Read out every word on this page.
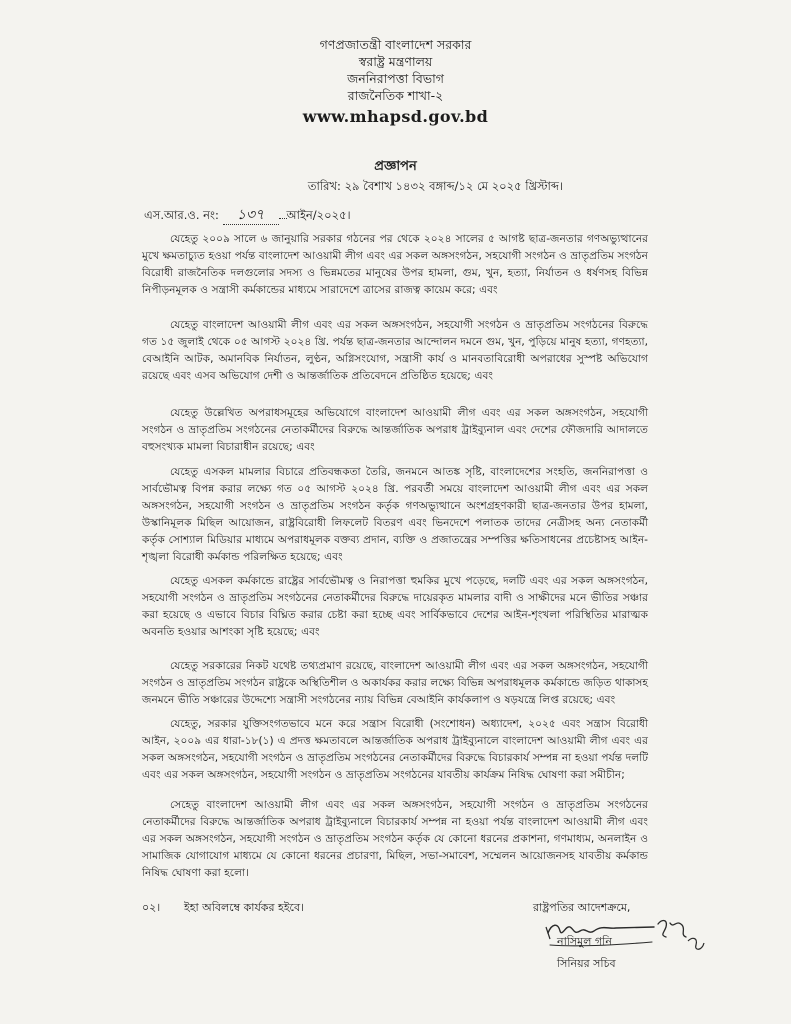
গণপ্রজাতন্ত্রী বাংলাদেশ সরকার
স্বরাষ্ট্র মন্ত্রণালয়
জননিরাপত্তা বিভাগ
রাজনৈতিক শাখা-২
www.mhapsd.gov.bd
প্রজ্ঞাপন
তারিখ: ২৯ বৈশাখ ১৪৩২ বঙ্গাব্দ/১২ মে ২০২৫ খ্রিস্টাব্দ।
এস.আর.ও. নং: ১৩৭ আইন/২০২৫।

যেহেতু ২০০৯ সালে ৬ জানুয়ারি সরকার গঠনের পর থেকে ২০২৪ সালের ৫ আগষ্ট ছাত্র-জনতার গণঅভ্যুত্থানের মুখে ক্ষমতাচ্যুত হওয়া পর্যন্ত বাংলাদেশ আওয়ামী লীগ এবং এর সকল অঙ্গসংগঠন, সহযোগী সংগঠন ও ভ্রাতৃপ্রতিম সংগঠন বিরোধী রাজনৈতিক দলগুলোর সদস্য ও ভিন্নমতের মানুষের উপর হামলা, গুম, খুন, হত্যা, নির্যাতন ও ধর্ষণসহ বিভিন্ন নিপীড়নমূলক ও সন্ত্রাসী কর্মকান্ডের মাধ্যমে সারাদেশে ত্রাসের রাজত্ব কায়েম করে; এবং

যেহেতু বাংলাদেশ আওয়ামী লীগ এবং এর সকল অঙ্গসংগঠন, সহযোগী সংগঠন ও ভ্রাতৃপ্রতিম সংগঠনের বিরুদ্ধে গত ১৫ জুলাই থেকে ০৫ আগস্ট ২০২৪ খ্রি. পর্যন্ত ছাত্র-জনতার আন্দোলন দমনে গুম, খুন, পুড়িয়ে মানুষ হত্যা, গণহত্যা, বেআইনি আটক, অমানবিক নির্যাতন, লুণ্ঠন, অগ্নিসংযোগ, সন্ত্রাসী কার্য ও মানবতাবিরোধী অপরাধের সুস্পষ্ট অভিযোগ রয়েছে এবং এসব অভিযোগ দেশী ও আন্তর্জাতিক প্রতিবেদনে প্রতিষ্ঠিত হয়েছে; এবং

যেহেতু উল্লেখিত অপরাধসমূহের অভিযোগে বাংলাদেশ আওয়ামী লীগ এবং এর সকল অঙ্গসংগঠন, সহযোগী সংগঠন ও ভ্রাতৃপ্রতিম সংগঠনের নেতাকর্মীদের বিরুদ্ধে আন্তর্জাতিক অপরাধ ট্রাইব্যুনাল এবং দেশের ফৌজদারি আদালতে বহুসংখ্যক মামলা বিচারাধীন রয়েছে; এবং

যেহেতু এসকল মামলার বিচারে প্রতিবন্ধকতা তৈরি, জনমনে আতঙ্ক সৃষ্টি, বাংলাদেশের সংহতি, জননিরাপত্তা ও সার্বভৌমত্ব বিপন্ন করার লক্ষ্যে গত ০৫ আগস্ট ২০২৪ খ্রি. পরবর্তী সময়ে বাংলাদেশ আওয়ামী লীগ এবং এর সকল অঙ্গসংগঠন, সহযোগী সংগঠন ও ভ্রাতৃপ্রতিম সংগঠন কর্তৃক গণঅভ্যুত্থানে অংশগ্রহণকারী ছাত্র-জনতার উপর হামলা, উস্কানিমূলক মিছিল আয়োজন, রাষ্ট্রবিরোধী লিফলেট বিতরণ এবং ভিনদেশে পলাতক তাদের নেত্রীসহ অন্য নেতাকর্মী কর্তৃক সোশ্যাল মিডিয়ার মাধ্যমে অপরাধমূলক বক্তব্য প্রদান, ব্যক্তি ও প্রজাতন্ত্রের সম্পত্তির ক্ষতিসাধনের প্রচেষ্টাসহ আইন-শৃঙ্খলা বিরোধী কর্মকান্ড পরিলক্ষিত হয়েছে; এবং

যেহেতু এসকল কর্মকান্ডে রাষ্ট্রের সার্বভৌমত্ব ও নিরাপত্তা হুমকির মুখে পড়েছে, দলটি এবং এর সকল অঙ্গসংগঠন, সহযোগী সংগঠন ও ভ্রাতৃপ্রতিম সংগঠনের নেতাকর্মীদের বিরুদ্ধে দায়েরকৃত মামলার বাদী ও সাক্ষীদের মনে ভীতির সঞ্চার করা হয়েছে ও এভাবে বিচার বিঘ্নিত করার চেষ্টা করা হচ্ছে এবং সার্বিকভাবে দেশের আইন-শৃংখলা পরিস্থিতির মারাত্মক অবনতি হওয়ার আশংকা সৃষ্টি হয়েছে; এবং

যেহেতু সরকারের নিকট যথেষ্ট তথ্যপ্রমাণ রয়েছে, বাংলাদেশ আওয়ামী লীগ এবং এর সকল অঙ্গসংগঠন, সহযোগী সংগঠন ও ভ্রাতৃপ্রতিম সংগঠন রাষ্ট্রকে অস্থিতিশীল ও অকার্যকর করার লক্ষ্যে বিভিন্ন অপরাধমূলক কর্মকান্ডে জড়িত থাকাসহ জনমনে ভীতি সঞ্চারের উদ্দেশ্যে সন্ত্রাসী সংগঠনের ন্যায় বিভিন্ন বেআইনি কার্যকলাপ ও ষড়যন্ত্রে লিপ্ত রয়েছে; এবং

যেহেতু, সরকার যুক্তিসংগতভাবে মনে করে সন্ত্রাস বিরোধী (সংশোধন) অধ্যাদেশ, ২০২৫ এবং সন্ত্রাস বিরোধী আইন, ২০০৯ এর ধারা-১৮(১) এ প্রদত্ত ক্ষমতাবলে আন্তর্জাতিক অপরাধ ট্রাইব্যুনালে বাংলাদেশ আওয়ামী লীগ এবং এর সকল অঙ্গসংগঠন, সহযোগী সংগঠন ও ভ্রাতৃপ্রতিম সংগঠনের নেতাকর্মীদের বিরুদ্ধে বিচারকার্য সম্পন্ন না হওয়া পর্যন্ত দলটি এবং এর সকল অঙ্গসংগঠন, সহযোগী সংগঠন ও ভ্রাতৃপ্রতিম সংগঠনের যাবতীয় কার্যক্রম নিষিদ্ধ ঘোষণা করা সমীচীন;

সেহেতু বাংলাদেশ আওয়ামী লীগ এবং এর সকল অঙ্গসংগঠন, সহযোগী সংগঠন ও ভ্রাতৃপ্রতিম সংগঠনের নেতাকর্মীদের বিরুদ্ধে আন্তর্জাতিক অপরাধ ট্রাইব্যুনালে বিচারকার্য সম্পন্ন না হওয়া পর্যন্ত বাংলাদেশ আওয়ামী লীগ এবং এর সকল অঙ্গসংগঠন, সহযোগী সংগঠন ও ভ্রাতৃপ্রতিম সংগঠন কর্তৃক যে কোনো ধরনের প্রকাশনা, গণমাধ্যম, অনলাইন ও সামাজিক যোগাযোগ মাধ্যমে যে কোনো ধরনের প্রচারণা, মিছিল, সভা-সমাবেশ, সম্মেলন আয়োজনসহ যাবতীয় কর্মকান্ড নিষিদ্ধ ঘোষণা করা হলো।

০২। ইহা অবিলম্বে কার্যকর হইবে।	রাষ্ট্রপতির আদেশক্রমে,
নাসিমুল গনি
সিনিয়র সচিব
